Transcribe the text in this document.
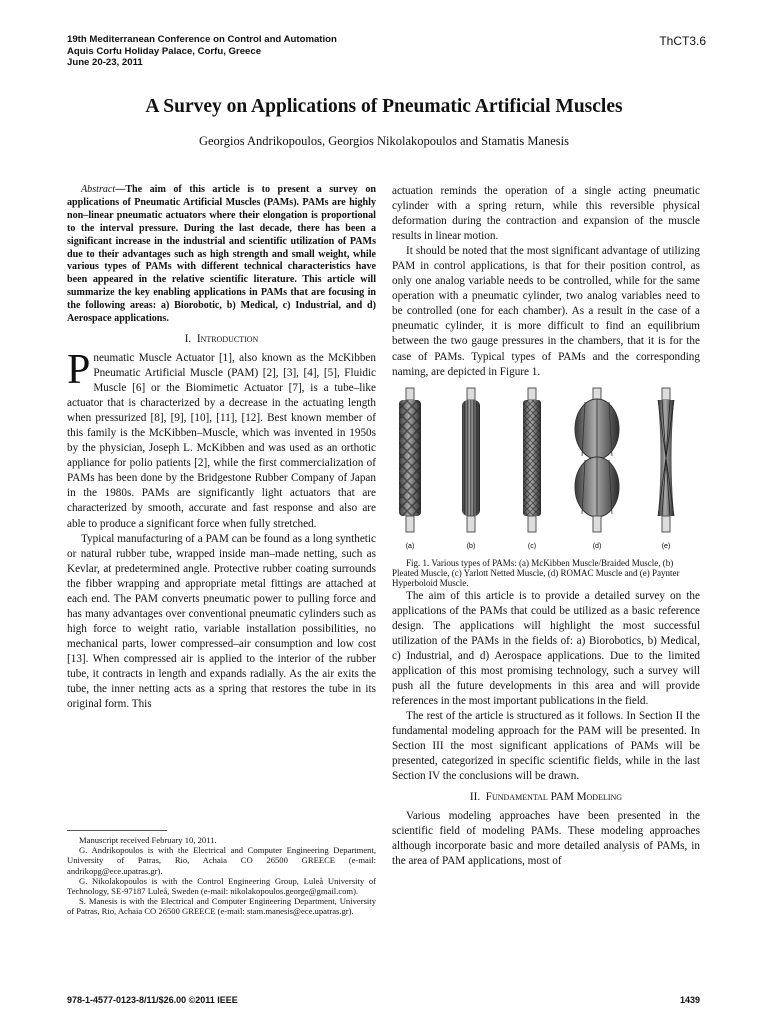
19th Mediterranean Conference on Control and Automation
Aquis Corfu Holiday Palace, Corfu, Greece
June 20-23, 2011
ThCT3.6
A Survey on Applications of Pneumatic Artificial Muscles
Georgios Andrikopoulos, Georgios Nikolakopoulos and Stamatis Manesis

Abstract—The aim of this article is to present a survey on applications of Pneumatic Artificial Muscles (PAMs). PAMs are highly non–linear pneumatic actuators where their elongation is proportional to the interval pressure. During the last decade, there has been a significant increase in the industrial and scientific utilization of PAMs due to their advantages such as high strength and small weight, while various types of PAMs with different technical characteristics have been appeared in the relative scientific literature. This article will summarize the key enabling applications in PAMs that are focusing in the following areas: a) Biorobotic, b) Medical, c) Industrial, and d) Aerospace applications.

I. Introduction

Pneumatic Muscle Actuator [1], also known as the McKibben Pneumatic Artificial Muscle (PAM) [2], [3], [4], [5], Fluidic Muscle [6] or the Biomimetic Actuator [7], is a tube–like actuator that is characterized by a decrease in the actuating length when pressurized [8], [9], [10], [11], [12]. Best known member of this family is the McKibben–Muscle, which was invented in 1950s by the physician, Joseph L. McKibben and was used as an orthotic appliance for polio patients [2], while the first commercialization of PAMs has been done by the Bridgestone Rubber Company of Japan in the 1980s. PAMs are significantly light actuators that are characterized by smooth, accurate and fast response and also are able to produce a significant force when fully stretched.

Typical manufacturing of a PAM can be found as a long synthetic or natural rubber tube, wrapped inside man–made netting, such as Kevlar, at predetermined angle. Protective rubber coating surrounds the fibber wrapping and appropriate metal fittings are attached at each end. The PAM converts pneumatic power to pulling force and has many advantages over conventional pneumatic cylinders such as high force to weight ratio, variable installation possibilities, no mechanical parts, lower compressed–air consumption and low cost [13]. When compressed air is applied to the interior of the rubber tube, it contracts in length and expands radially. As the air exits the tube, the inner netting acts as a spring that restores the tube in its original form. This

Manuscript received February 10, 2011.

G. Andrikopoulos is with the Electrical and Computer Engineering Department, University of Patras, Rio, Achaia CO 26500 GREECE (e-mail: andrikopg@ece.upatras.gr).

G. Nikolakopoulos is with the Control Engineering Group, Luleå University of Technology, SE-97187 Luleå, Sweden (e-mail: nikolakopoulos.george@gmail.com).

S. Manesis is with the Electrical and Computer Engineering Department, University of Patras, Rio, Achaia CO 26500 GREECE (e-mail: stam.manesis@ece.upatras.gr).

actuation reminds the operation of a single acting pneumatic cylinder with a spring return, while this reversible physical deformation during the contraction and expansion of the muscle results in linear motion.

It should be noted that the most significant advantage of utilizing PAM in control applications, is that for their position control, as only one analog variable needs to be controlled, while for the same operation with a pneumatic cylinder, two analog variables need to be controlled (one for each chamber). As a result in the case of a pneumatic cylinder, it is more difficult to find an equilibrium between the two gauge pressures in the chambers, that it is for the case of PAMs. Typical types of PAMs and the corresponding naming, are depicted in Figure 1.

(a)	(b)	(c)	(d)	(e)

Fig. 1. Various types of PAMs: (a) McKibben Muscle/Braided Muscle, (b) Pleated Muscle, (c) Yarlott Netted Muscle, (d) ROMAC Muscle and (e) Paynter Hyperboloid Muscle.

The aim of this article is to provide a detailed survey on the applications of the PAMs that could be utilized as a basic reference design. The applications will highlight the most successful utilization of the PAMs in the fields of: a) Biorobotics, b) Medical, c) Industrial, and d) Aerospace applications. Due to the limited application of this most promising technology, such a survey will push all the future developments in this area and will provide references in the most important publications in the field.

The rest of the article is structured as it follows. In Section II the fundamental modeling approach for the PAM will be presented. In Section III the most significant applications of PAMs will be presented, categorized in specific scientific fields, while in the last Section IV the conclusions will be drawn.

II. Fundamental PAM Modeling

Various modeling approaches have been presented in the scientific field of modeling PAMs. These modeling approaches although incorporate basic and more detailed analysis of PAMs, in the area of PAM applications, most of

978-1-4577-0123-8/11/$26.00 ©2011 IEEE	1439
